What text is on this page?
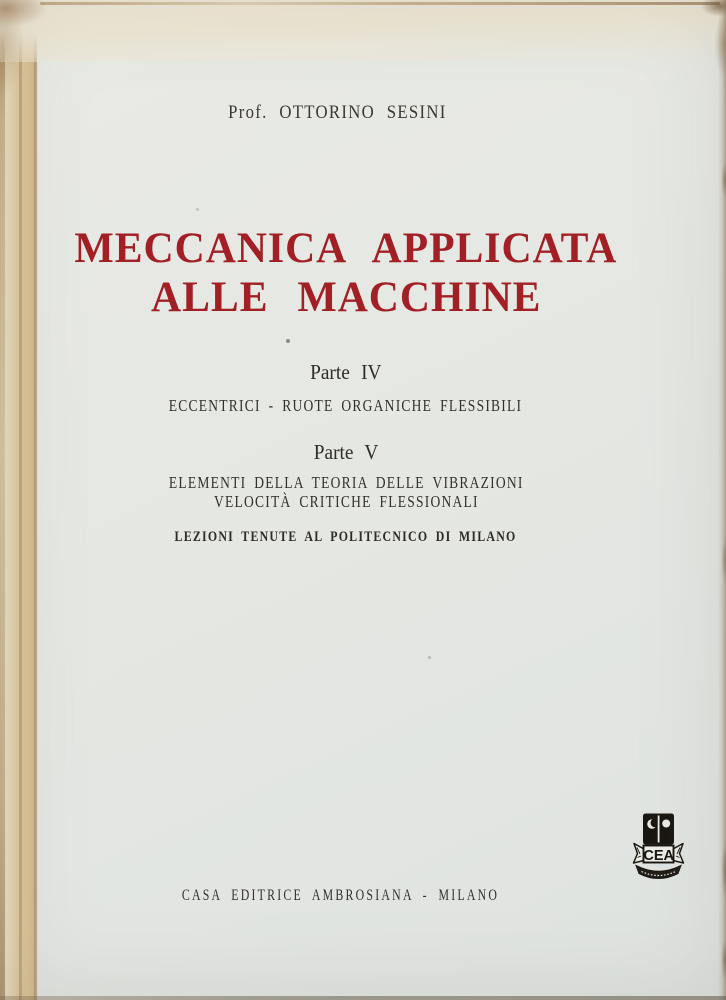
Prof. OTTORINO SESINI
MECCANICA APPLICATA
ALLE MACCHINE
Parte IV
ECCENTRICI - RUOTE ORGANICHE FLESSIBILI
Parte V
ELEMENTI DELLA TEORIA DELLE VIBRAZIONI
VELOCITÀ CRITICHE FLESSIONALI
LEZIONI TENUTE AL POLITECNICO DI MILANO
CEA
CASA EDITRICE AMBROSIANA - MILANO
